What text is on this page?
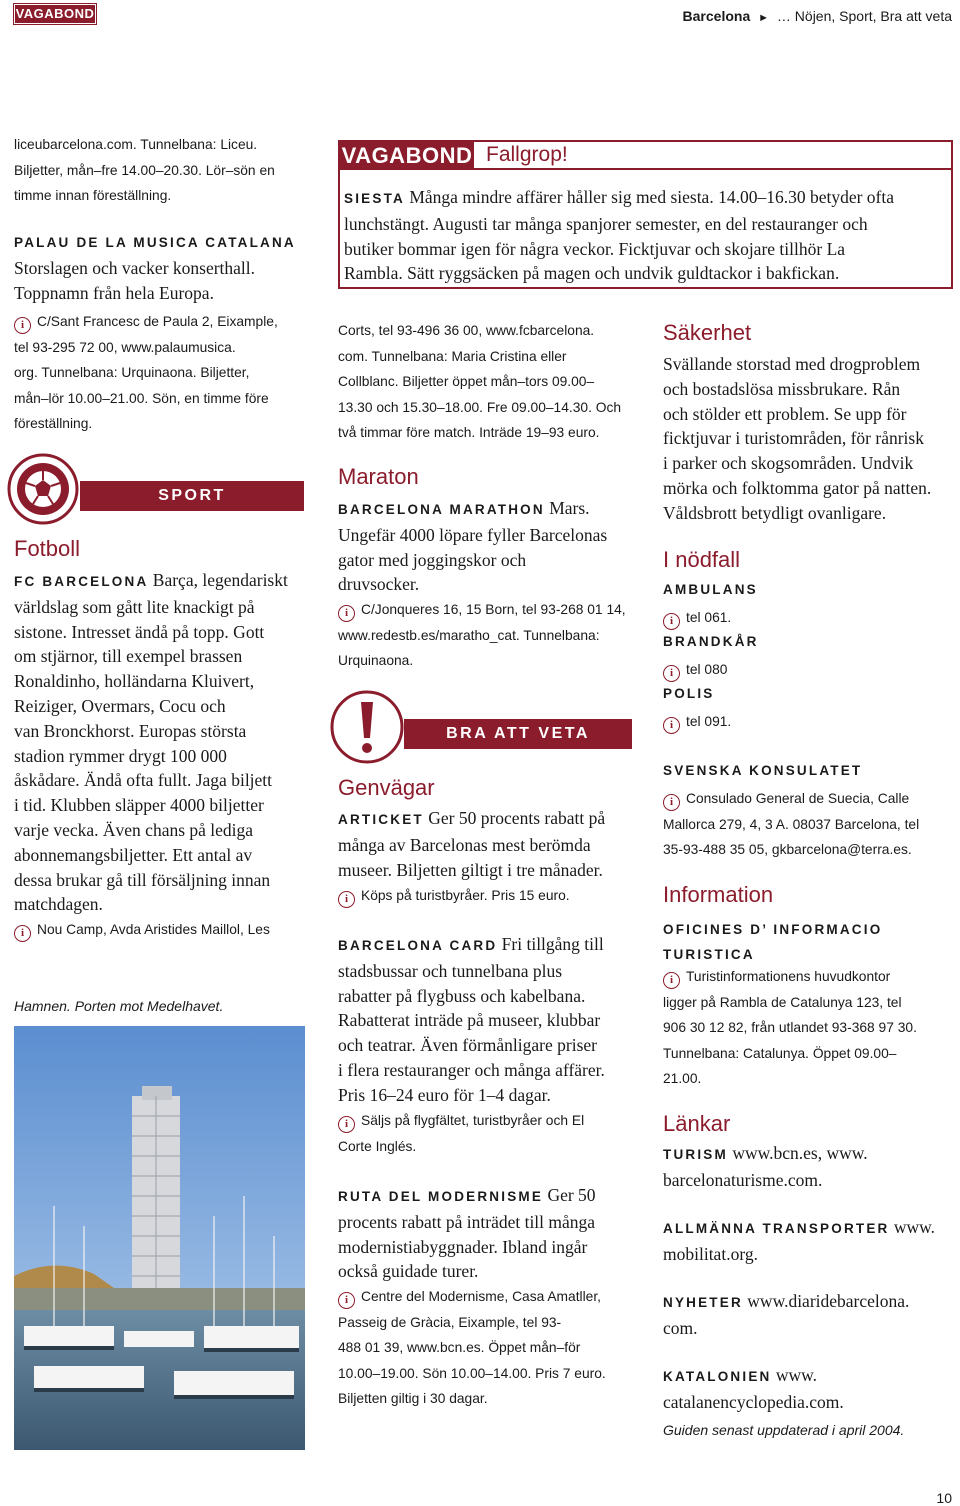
VAGABOND	Barcelona ► … Nöjen, Sport, Bra att veta

liceubarcelona.com. Tunnelbana: Liceu.

Biljetter, mån–fre 14.00–20.30. Lör–sön en

timme innan föreställning.

PALAU DE LA MUSICA CATALANA

Storslagen och vacker konserthall.

Toppnamn från hela Europa.

i C/Sant Francesc de Paula 2, Eixample,

tel 93-295 72 00, www.palaumusica.

org. Tunnelbana: Urquinaona. Biljetter,

mån–lör 10.00–21.00. Sön, en timme före

föreställning.

SPORT
Fotboll

FC BARCELONA Barça, legendariskt

världslag som gått lite knackigt på

sistone. Intresset ändå på topp. Gott

om stjärnor, till exempel brassen

Ronaldinho, holländarna Kluivert,

Reiziger, Overmars, Cocu och

van Bronckhorst. Europas största

stadion rymmer drygt 100 000

åskådare. Ändå ofta fullt. Jaga biljett

i tid. Klubben släpper 4000 biljetter

varje vecka. Även chans på lediga

abonnemangsbiljetter. Ett antal av

dessa brukar gå till försäljning innan

matchdagen.

i Nou Camp, Avda Aristides Maillol, Les

Hamnen. Porten mot Medelhavet.
VAGABOND Fallgrop!

SIESTA Många mindre affärer håller sig med siesta. 14.00–16.30 betyder ofta

lunchstängt. Augusti tar många spanjorer semester, en del restauranger och

butiker bommar igen för några veckor. Ficktjuvar och skojare tillhör La

Rambla. Sätt ryggsäcken på magen och undvik guldtackor i bakfickan.

Corts, tel 93-496 36 00, www.fcbarcelona.

com. Tunnelbana: Maria Cristina eller

Collblanc. Biljetter öppet mån–tors 09.00–

13.30 och 15.30–18.00. Fre 09.00–14.30. Och

två timmar före match. Inträde 19–93 euro.

Maraton

BARCELONA MARATHON Mars.

Ungefär 4000 löpare fyller Barcelonas

gator med joggingskor och

druvsocker.

i C/Jonqueres 16, 15 Born, tel 93-268 01 14,

www.redestb.es/maratho_cat. Tunnelbana:

Urquinaona.

BRA ATT VETA
Genvägar

ARTICKET Ger 50 procents rabatt på

många av Barcelonas mest berömda

museer. Biljetten giltigt i tre månader.

i Köps på turistbyråer. Pris 15 euro.

BARCELONA CARD Fri tillgång till

stadsbussar och tunnelbana plus

rabatter på flygbuss och kabelbana.

Rabatterat inträde på museer, klubbar

och teatrar. Även förmånligare priser

i flera restauranger och många affärer.

Pris 16–24 euro för 1–4 dagar.

i Säljs på flygfältet, turistbyråer och El

Corte Inglés.

RUTA DEL MODERNISME Ger 50

procents rabatt på inträdet till många

modernistiabyggnader. Ibland ingår

också guidade turer.

i Centre del Modernisme, Casa Amatller,

Passeig de Gràcia, Eixample, tel 93-

488 01 39, www.bcn.es. Öppet mån–för

10.00–19.00. Sön 10.00–14.00. Pris 7 euro.

Biljetten giltig i 30 dagar.

Säkerhet

Svällande storstad med drogproblem

och bostadslösa missbrukare. Rån

och stölder ett problem. Se upp för

ficktjuvar i turistområden, för rånrisk

i parker och skogsområden. Undvik

mörka och folktomma gator på natten.

Våldsbrott betydligt ovanligare.

I nödfall
AMBULANS

i tel 061.

BRANDKÅR

i tel 080

POLIS

i tel 091.

SVENSKA KONSULATET

i Consulado General de Suecia, Calle

Mallorca 279, 4, 3 A. 08037 Barcelona, tel

35-93-488 35 05, gkbarcelona@terra.es.

Information

OFICINES D’ INFORMACIO

TURISTICA

i Turistinformationens huvudkontor

ligger på Rambla de Catalunya 123, tel

906 30 12 82, från utlandet 93-368 97 30.

Tunnelbana: Catalunya. Öppet 09.00–

21.00.

Länkar

TURISM www.bcn.es, www.

barcelonaturisme.com.

ALLMÄNNA TRANSPORTER www.

mobilitat.org.

NYHETER www.diaridebarcelona.

com.

KATALONIEN www.

catalanencyclopedia.com.

Guiden senast uppdaterad i april 2004.
10
